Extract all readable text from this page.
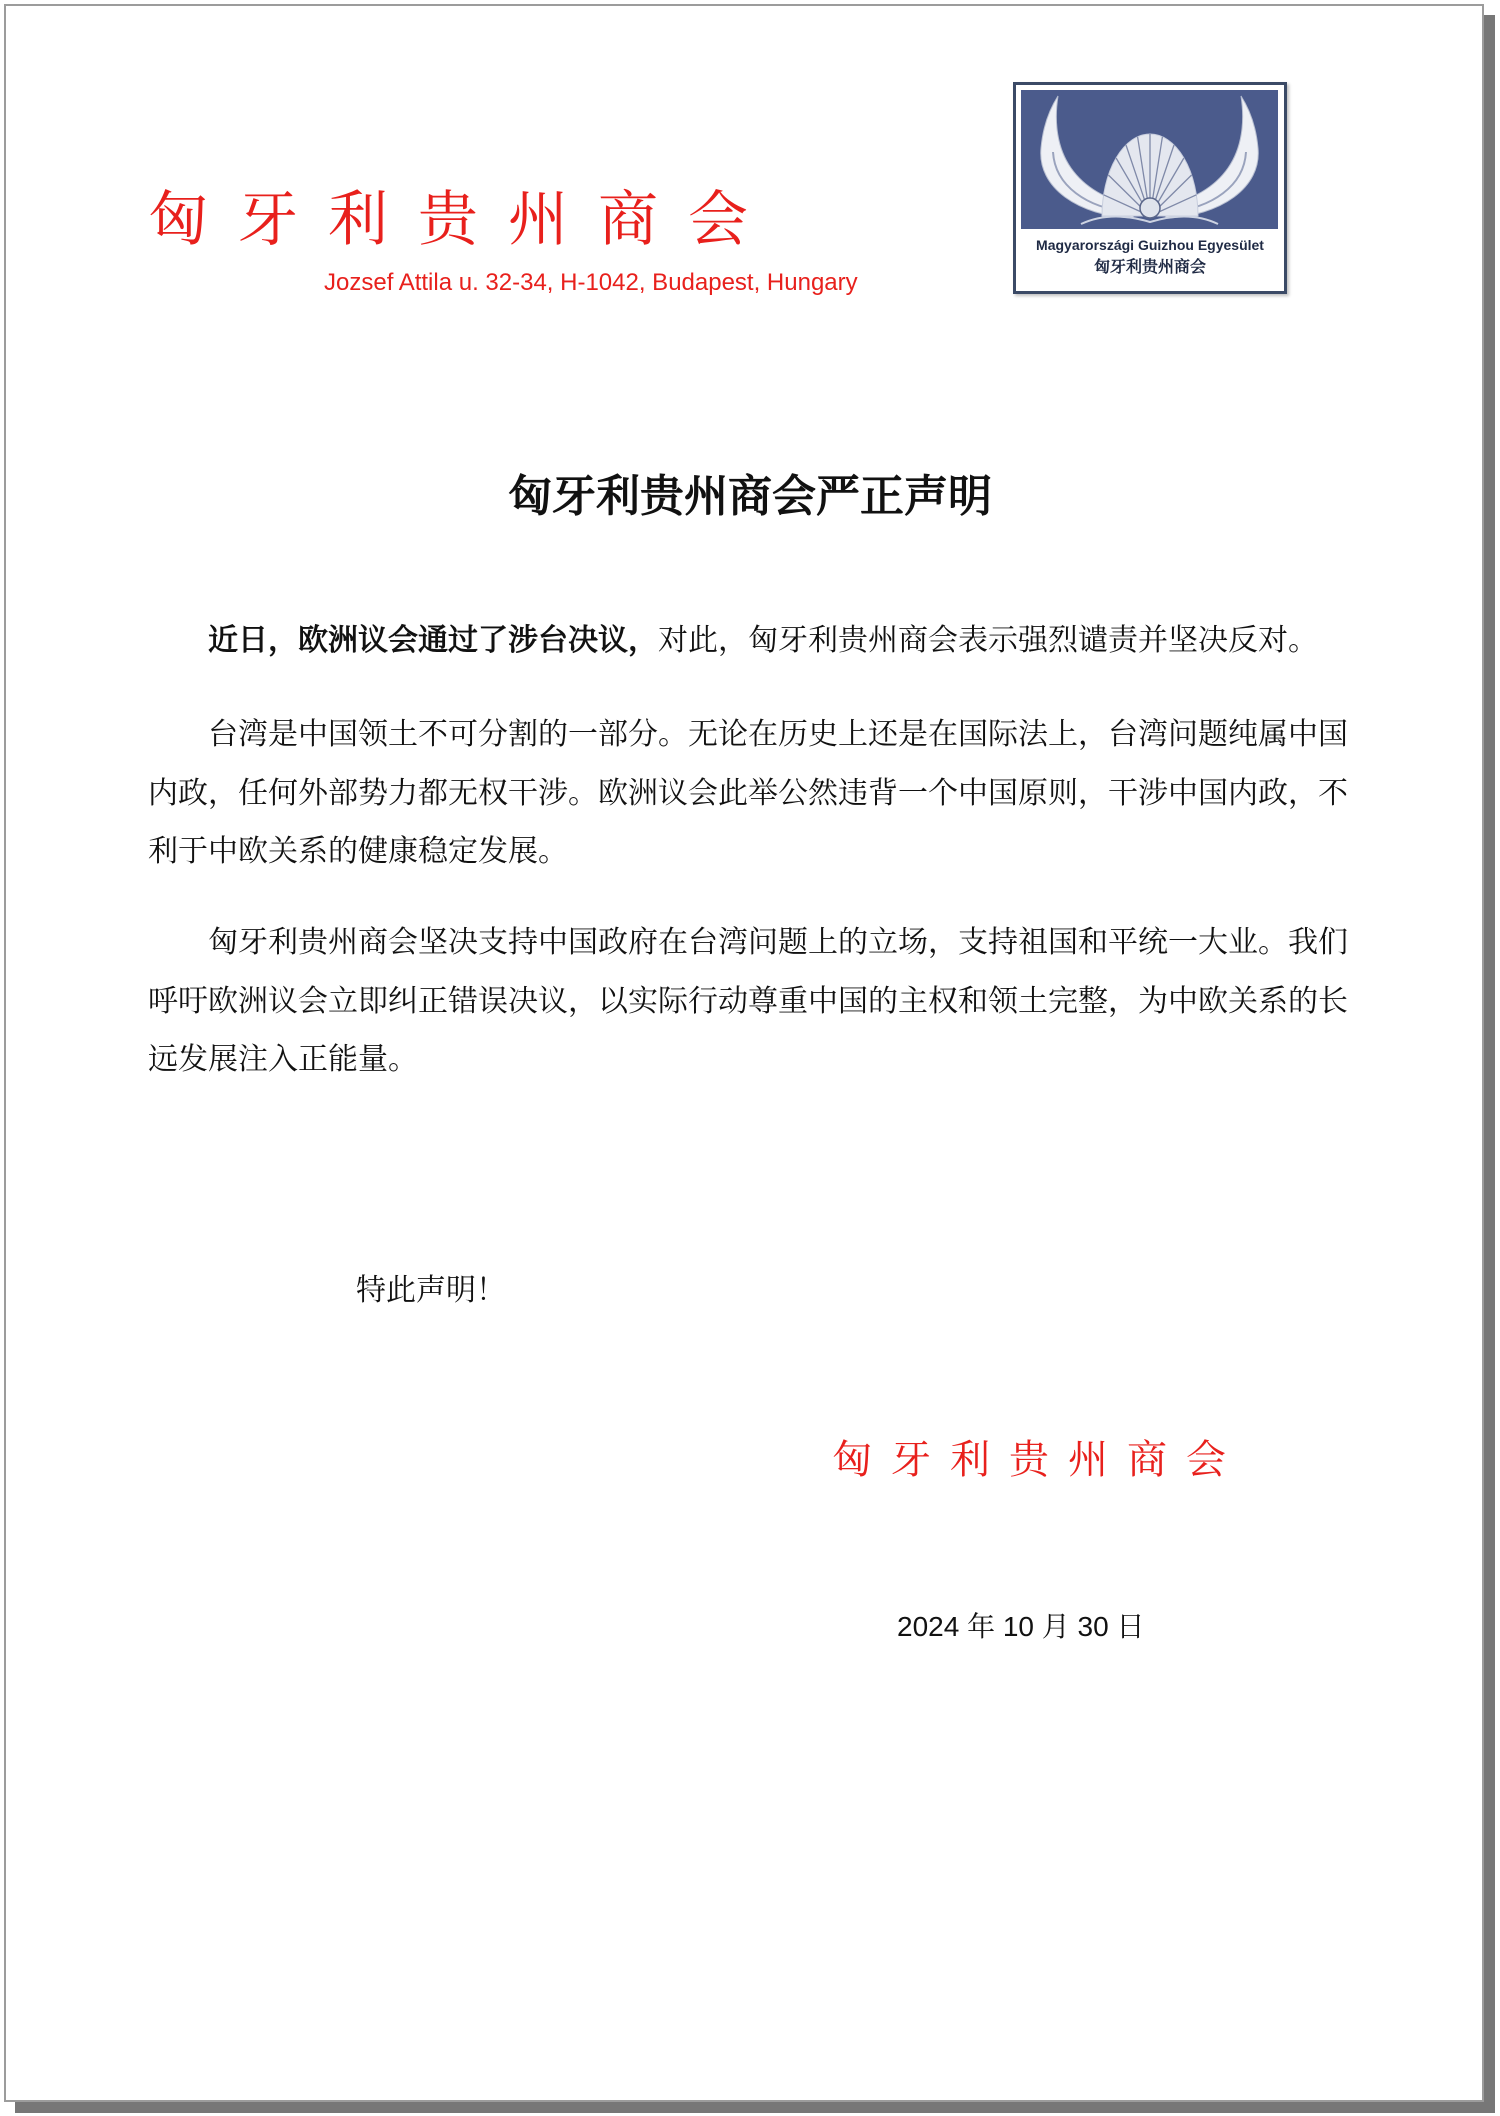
匈牙利贵州商会
Jozsef Attila u. 32-34, H-1042, Budapest, Hungary
Magyarországi Guizhou Egyesület
匈牙利贵州商会
匈牙利贵州商会严正声明
近日，欧洲议会通过了涉台决议，对此，匈牙利贵州商会表示强烈谴责并坚决反对。
台湾是中国领土不可分割的一部分。无论在历史上还是在国际法上，台湾问题纯属中国
内政，任何外部势力都无权干涉。欧洲议会此举公然违背一个中国原则，干涉中国内政，不
利于中欧关系的健康稳定发展。
匈牙利贵州商会坚决支持中国政府在台湾问题上的立场，支持祖国和平统一大业。我们
呼吁欧洲议会立即纠正错误决议，以实际行动尊重中国的主权和领土完整，为中欧关系的长
远发展注入正能量。
特此声明！
匈牙利贵州商会
2024 年 10 月 30 日
